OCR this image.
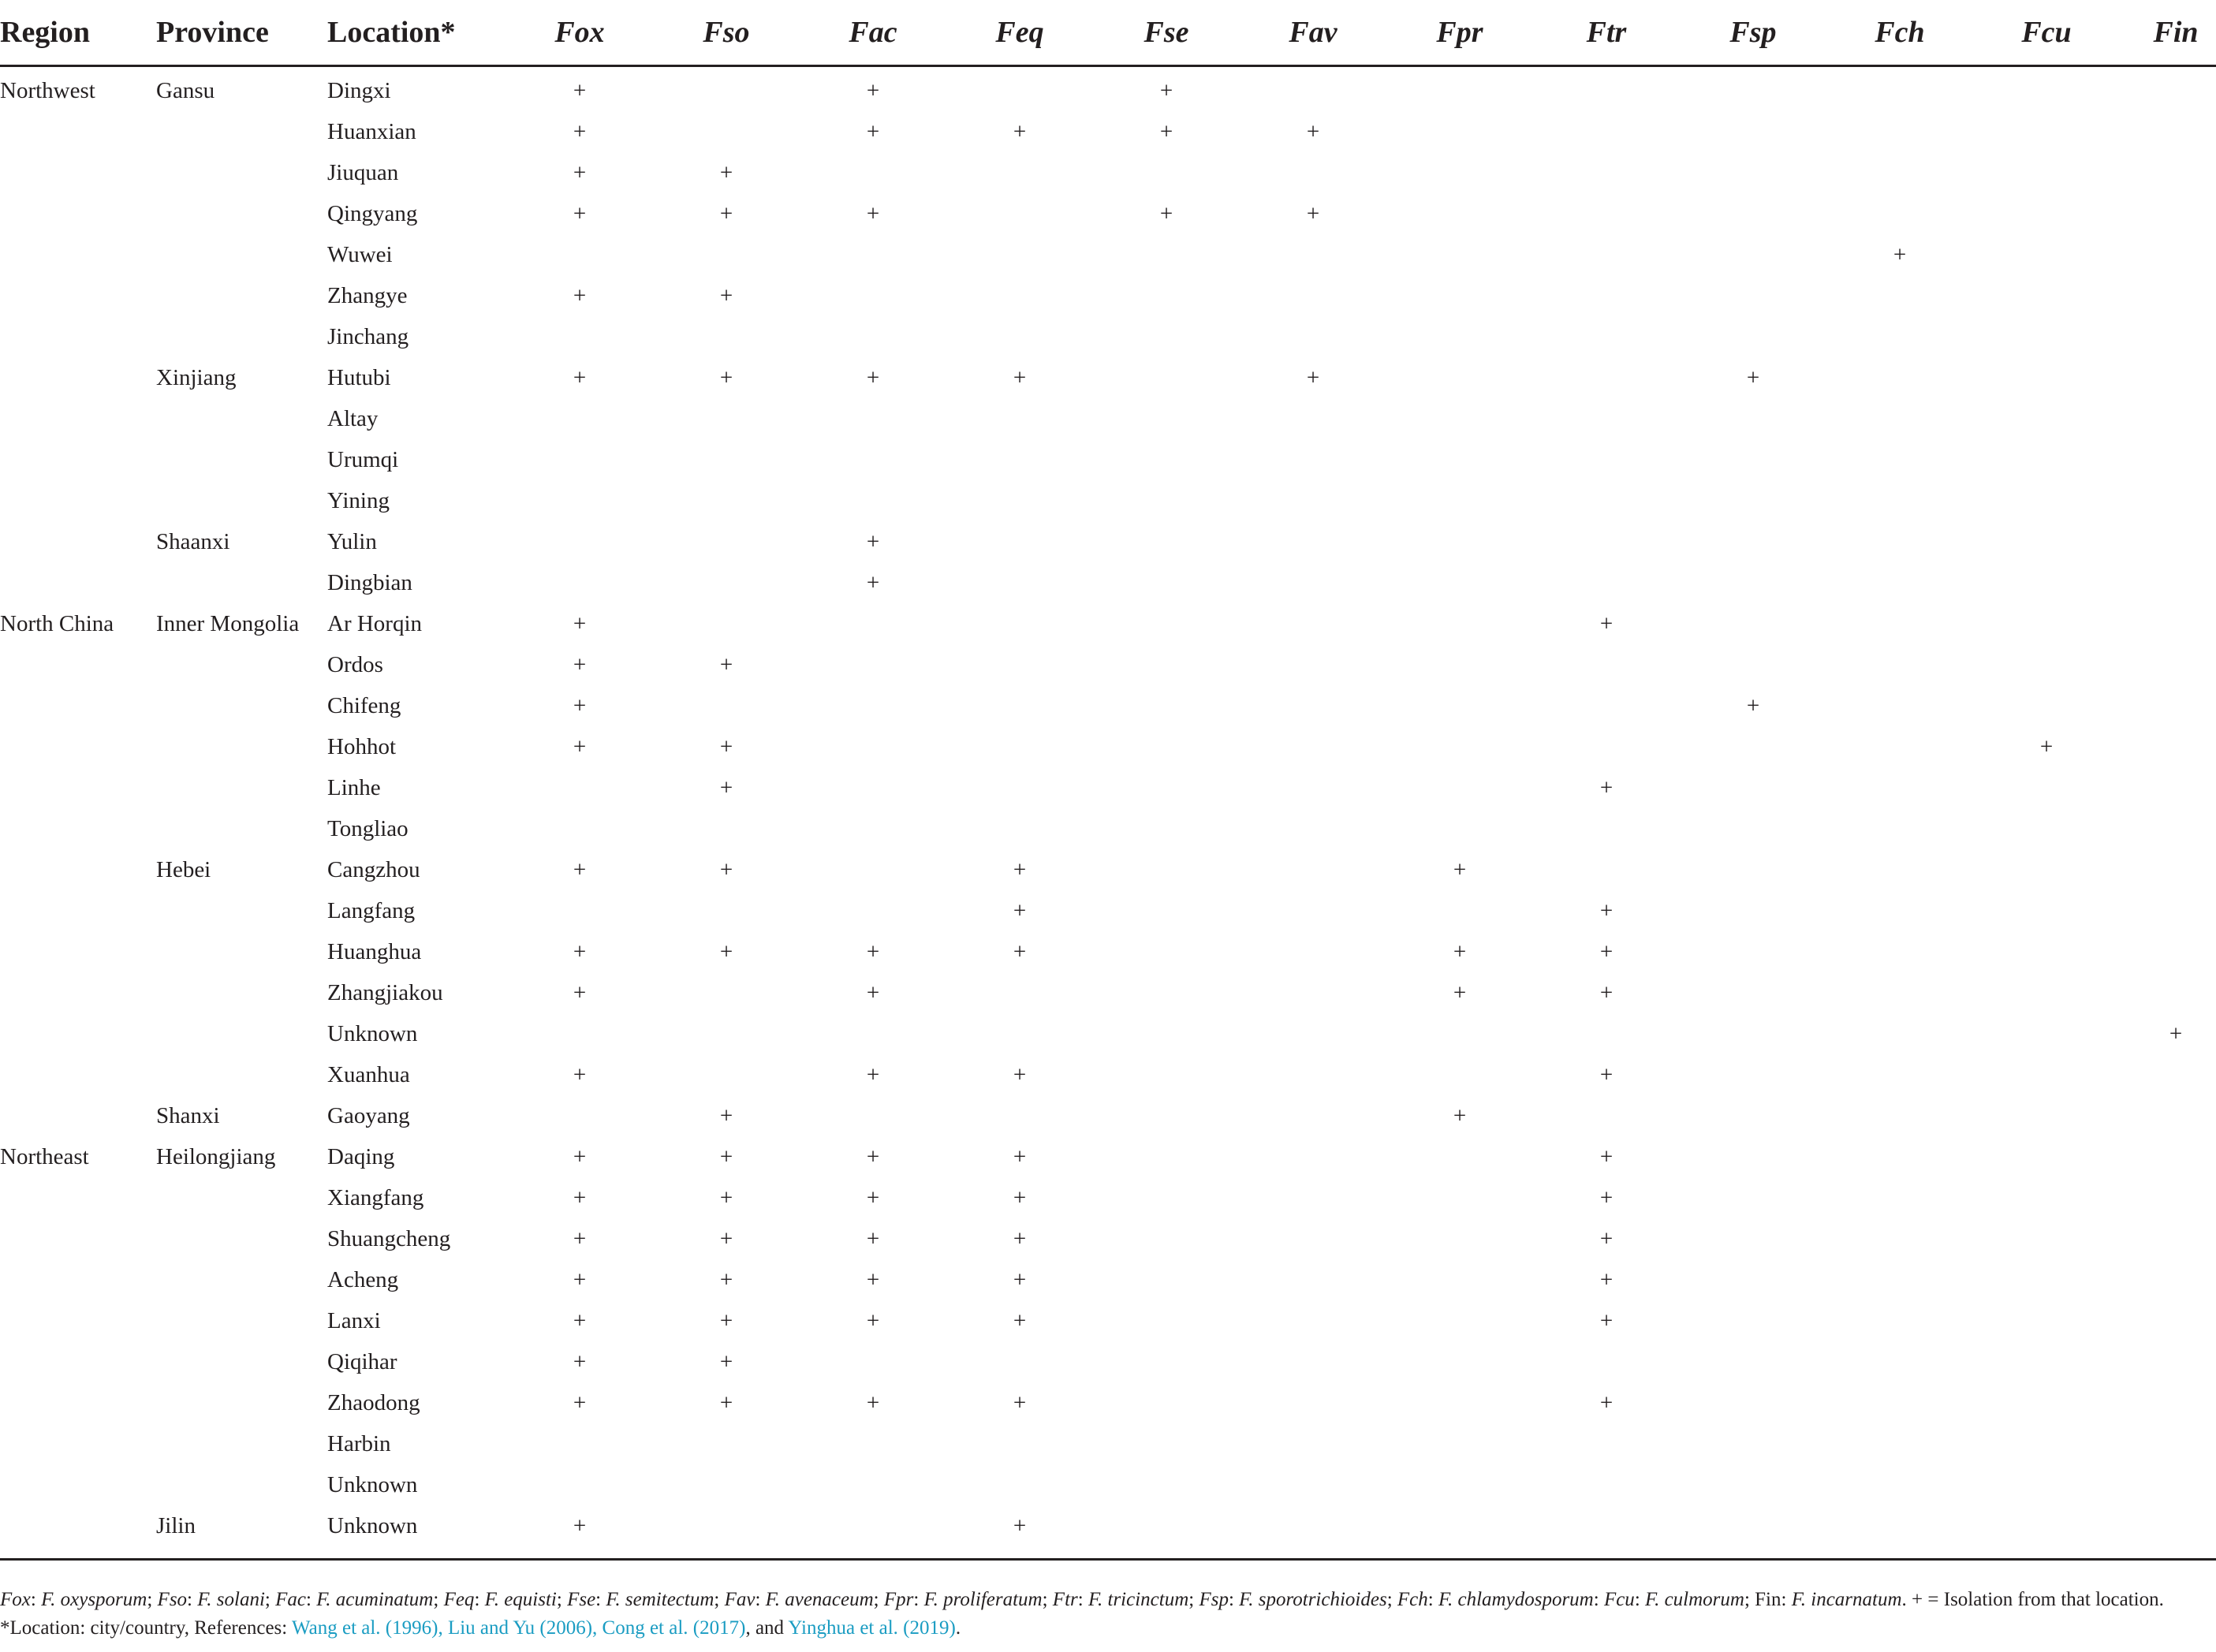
Region	Province	Location*	Fox	Fso	Fac	Feq	Fse	Fav	Fpr	Ftr	Fsp	Fch	Fcu	Fin
Northwest	Gansu	Dingxi	+		+		+							
		Huanxian	+		+	+	+	+						
		Jiuquan	+	+										
		Qingyang	+	+	+		+	+						
		Wuwei										+		
		Zhangye	+	+										
		Jinchang												
	Xinjiang	Hutubi	+	+	+	+		+			+			
		Altay												
		Urumqi												
		Yining												
	Shaanxi	Yulin			+									
		Dingbian			+									
North China	Inner Mongolia	Ar Horqin	+							+				
		Ordos	+	+										
		Chifeng	+								+			
		Hohhot	+	+									+	
		Linhe		+						+				
		Tongliao												
	Hebei	Cangzhou	+	+		+			+					
		Langfang				+				+				
		Huanghua	+	+	+	+			+	+				
		Zhangjiakou	+		+				+	+				
		Unknown												+
		Xuanhua	+		+	+				+				
	Shanxi	Gaoyang		+					+					
Northeast	Heilongjiang	Daqing	+	+	+	+				+				
		Xiangfang	+	+	+	+				+				
		Shuangcheng	+	+	+	+				+				
		Acheng	+	+	+	+				+				
		Lanxi	+	+	+	+				+				
		Qiqihar	+	+										
		Zhaodong	+	+	+	+				+				
		Harbin												
		Unknown												
	Jilin	Unknown	+			+								
Fox: F. oxysporum; Fso: F. solani; Fac: F. acuminatum; Feq: F. equisti; Fse: F. semitectum; Fav: F. avenaceum; Fpr: F. proliferatum; Ftr: F. tricinctum; Fsp: F. sporotrichioides; Fch: F. chlamydosporum: Fcu: F. culmorum; Fin: F. incarnatum. + = Isolation from that location.
*Location: city/country, References: Wang et al. (1996), Liu and Yu (2006), Cong et al. (2017), and Yinghua et al. (2019).
